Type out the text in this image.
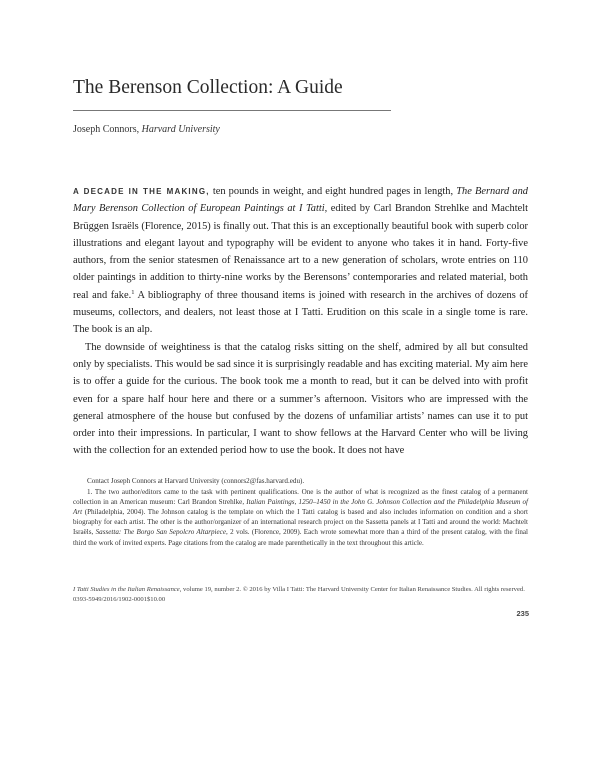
The Berenson Collection: A Guide
Joseph Connors, Harvard University

A DECADE IN THE MAKING, ten pounds in weight, and eight hundred pages in length, The Bernard and Mary Berenson Collection of European Paintings at I Tatti, edited by Carl Brandon Strehlke and Machtelt Brüggen Israëls (Florence, 2015) is finally out. That this is an exceptionally beautiful book with superb color illustrations and elegant layout and typography will be evident to anyone who takes it in hand. Forty-five authors, from the senior statesmen of Renaissance art to a new generation of scholars, wrote entries on 110 older paintings in addition to thirty-nine works by the Berensons’ contemporaries and related material, both real and fake.$^1$ A bibliography of three thousand items is joined with research in the archives of dozens of museums, collectors, and dealers, not least those at I Tatti. Erudition on this scale in a single tome is rare. The book is an alp.

The downside of weightiness is that the catalog risks sitting on the shelf, admired by all but consulted only by specialists. This would be sad since it is surprisingly readable and has exciting material. My aim here is to offer a guide for the curious. The book took me a month to read, but it can be delved into with profit even for a spare half hour here and there or a summer’s afternoon. Visitors who are impressed with the general atmosphere of the house but confused by the dozens of unfamiliar artists’ names can use it to put order into their impressions. In particular, I want to show fellows at the Harvard Center who will be living with the collection for an extended period how to use the book. It does not have

Contact Joseph Connors at Harvard University (connors2@fas.harvard.edu).

1. The two author/editors came to the task with pertinent qualifications. One is the author of what is recognized as the finest catalog of a permanent collection in an American museum: Carl Brandon Strehlke, Italian Paintings, 1250–1450 in the John G. Johnson Collection and the Philadelphia Museum of Art (Philadelphia, 2004). The Johnson catalog is the template on which the I Tatti catalog is based and also includes information on condition and a short biography for each artist. The other is the author/organizer of an international research project on the Sassetta panels at I Tatti and around the world: Machtelt Israëls, Sassetta: The Borgo San Sepolcro Altarpiece, 2 vols. (Florence, 2009). Each wrote somewhat more than a third of the present catalog, with the final third the work of invited experts. Page citations from the catalog are made parenthetically in the text throughout this article.

I Tatti Studies in the Italian Renaissance, volume 19, number 2. © 2016 by Villa I Tatti: The Harvard University Center for Italian Renaissance Studies. All rights reserved. 0393-5949/2016/1902-0001$10.00
235
